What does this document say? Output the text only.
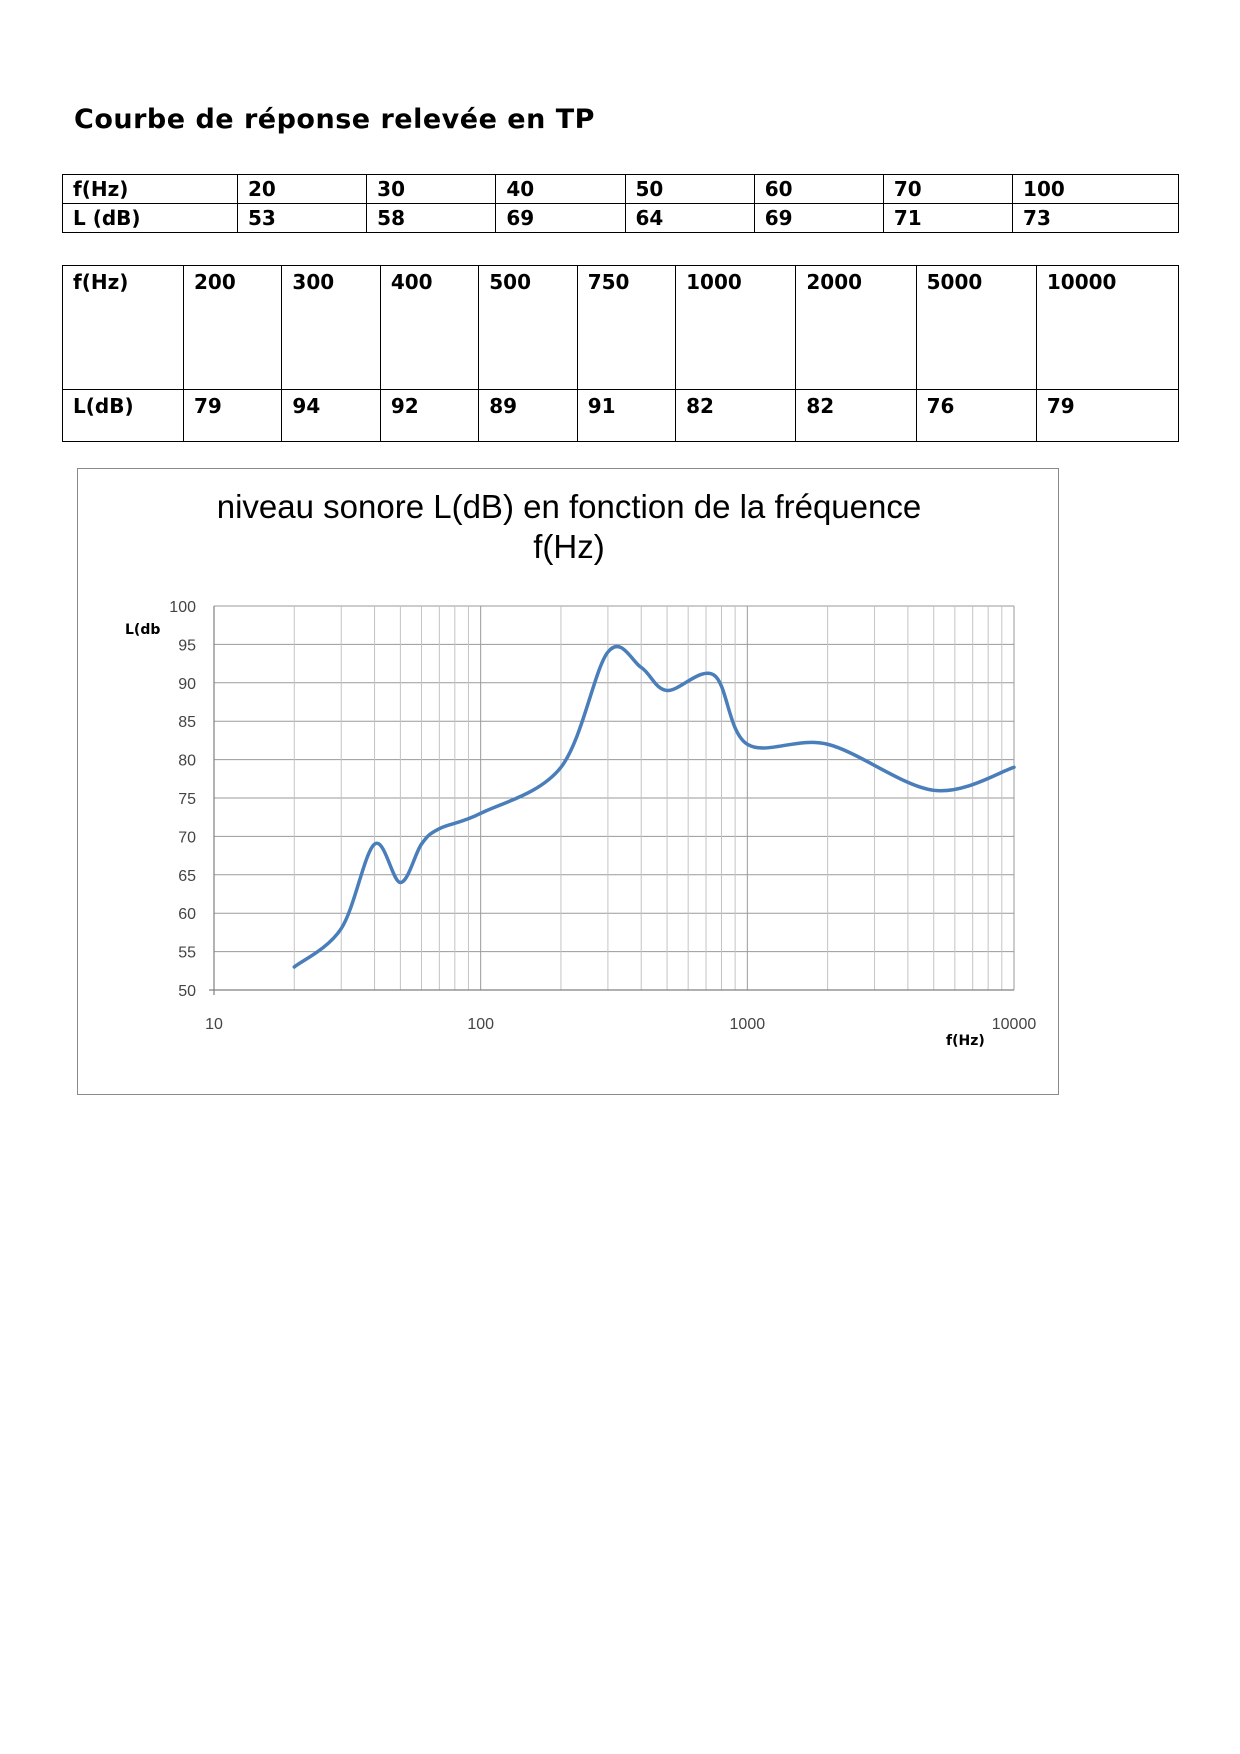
Courbe de réponse relevée en TP
f(Hz)	20	30	40	50	60	70	100
L (dB)	53	58	69	64	69	71	73
f(Hz)	200	300	400	500	750	1000	2000	5000	10000
L(dB)	79	94	92	89	91	82	82	76	79
100
95
90
85
80
75
70
65
60
55
50
10	100	1000	10000
L(db
f(Hz)
niveau sonore L(dB) en fonction de la fréquence
f(Hz)
